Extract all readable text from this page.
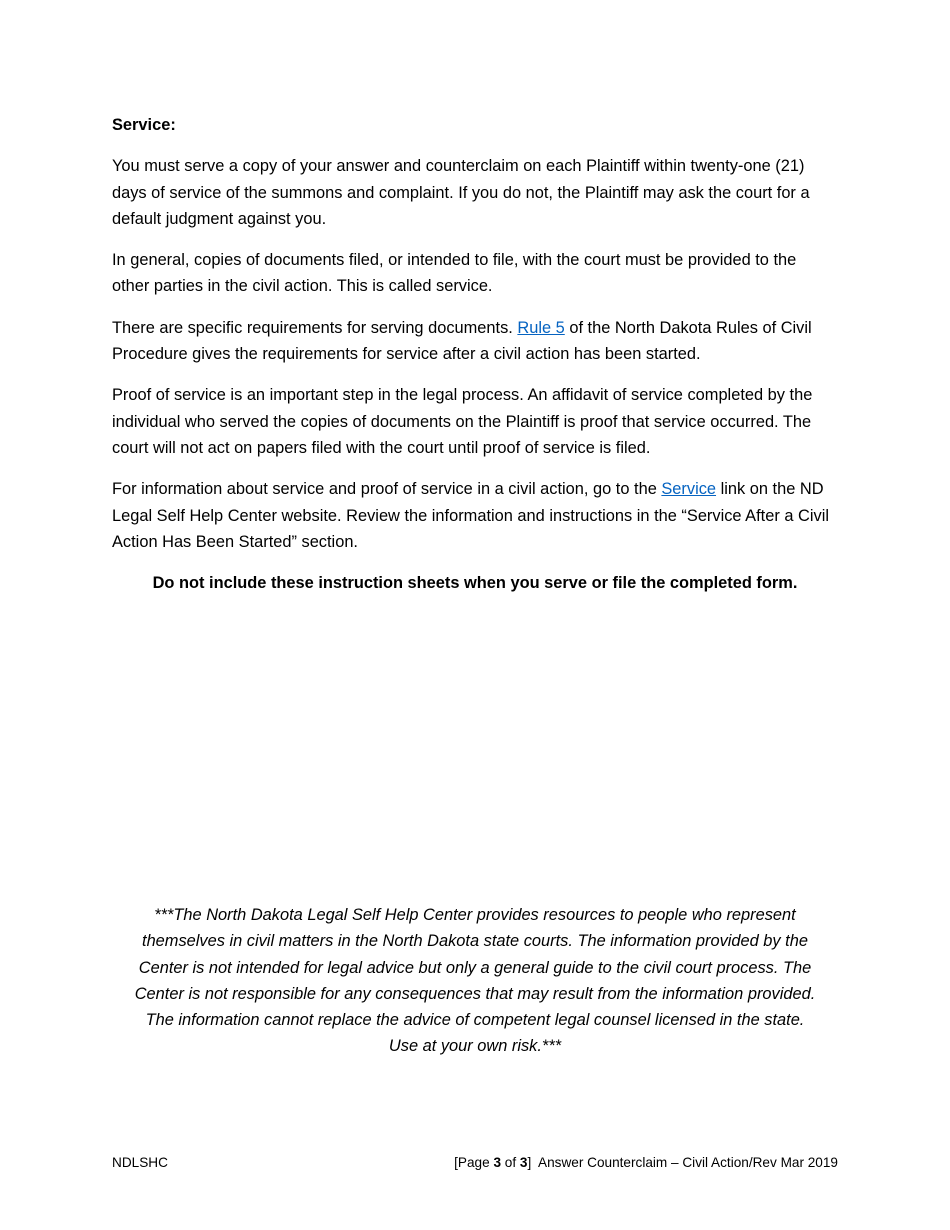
Service:

You must serve a copy of your answer and counterclaim on each Plaintiff within twenty-one (21) days of service of the summons and complaint. If you do not, the Plaintiff may ask the court for a default judgment against you.

In general, copies of documents filed, or intended to file, with the court must be provided to the other parties in the civil action. This is called service.

There are specific requirements for serving documents. Rule 5 of the North Dakota Rules of Civil Procedure gives the requirements for service after a civil action has been started.

Proof of service is an important step in the legal process. An affidavit of service completed by the individual who served the copies of documents on the Plaintiff is proof that service occurred. The court will not act on papers filed with the court until proof of service is filed.

For information about service and proof of service in a civil action, go to the Service link on the ND Legal Self Help Center website. Review the information and instructions in the “Service After a Civil Action Has Been Started” section.

Do not include these instruction sheets when you serve or file the completed form.

***The North Dakota Legal Self Help Center provides resources to people who represent
themselves in civil matters in the North Dakota state courts. The information provided by the
Center is not intended for legal advice but only a general guide to the civil court process. The
Center is not responsible for any consequences that may result from the information provided.
The information cannot replace the advice of competent legal counsel licensed in the state.
Use at your own risk.***
NDLSHC	[Page 3 of 3]  Answer Counterclaim – Civil Action/Rev Mar 2019
